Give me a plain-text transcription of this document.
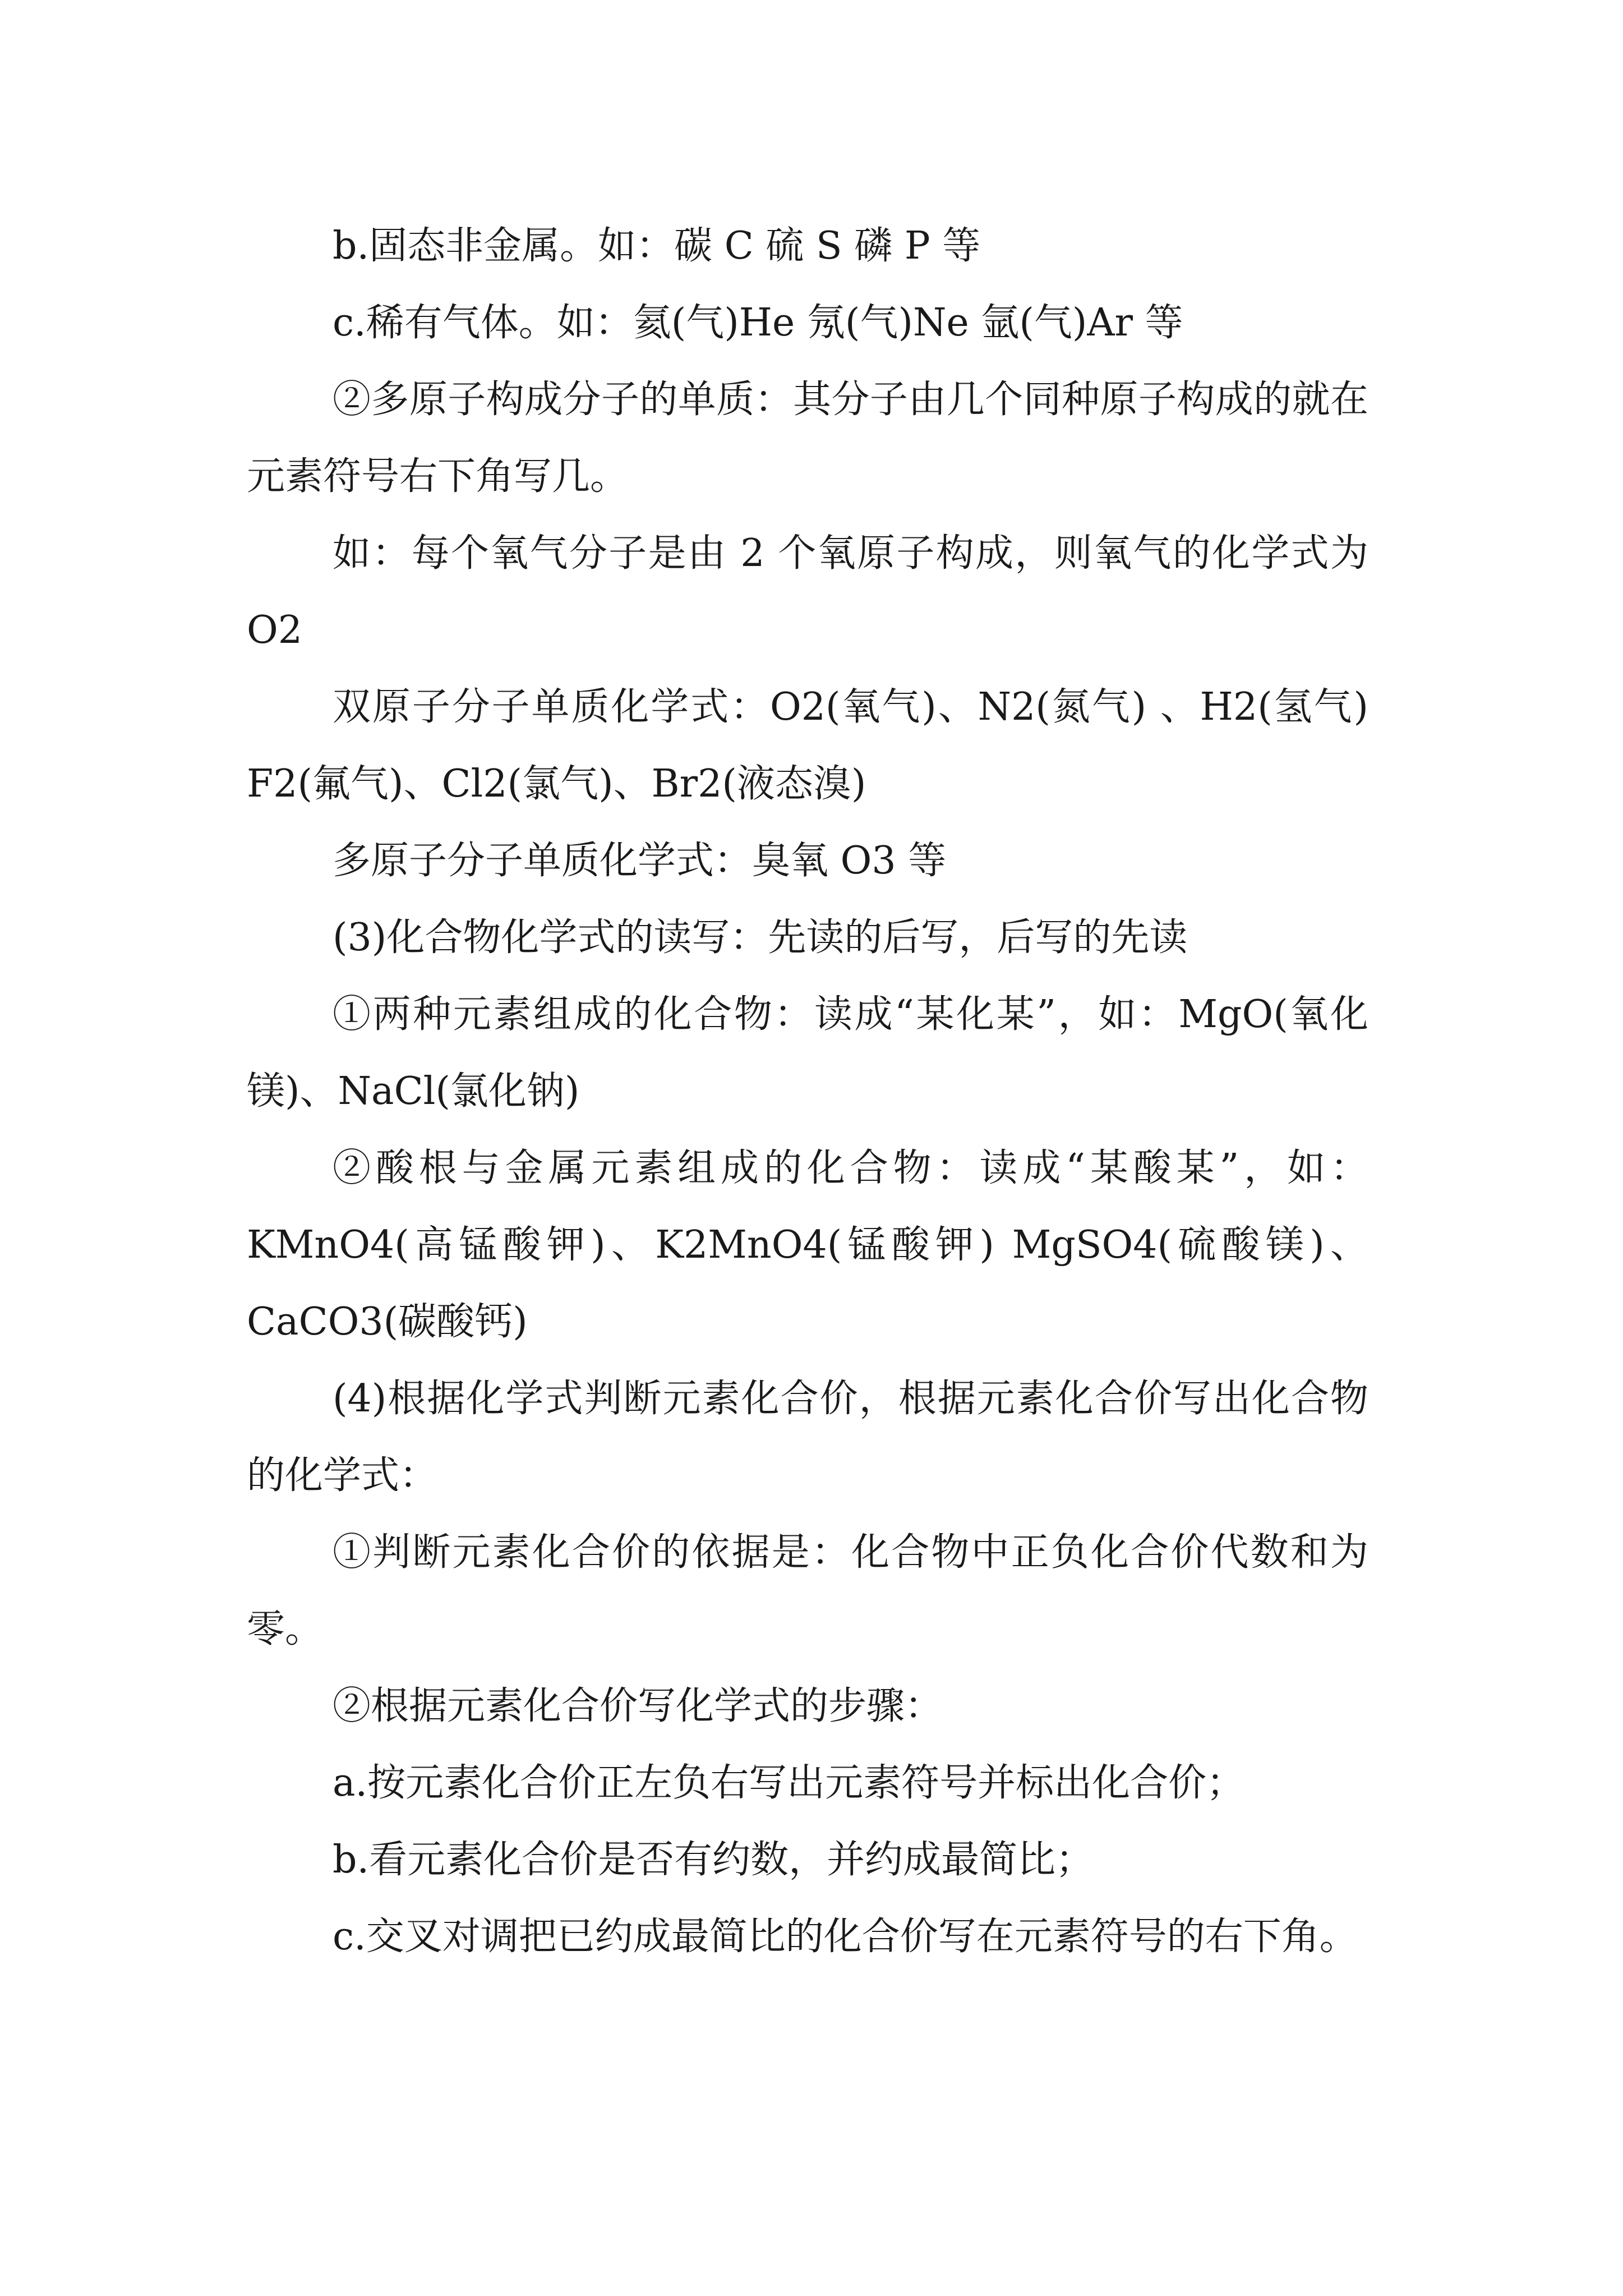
b.固态非金属。如：碳 C 硫 S 磷 P 等

c.稀有气体。如：氦(气)He 氖(气)Ne 氩(气)Ar 等

②多原子构成分子的单质：其分子由几个同种原子构成的就在元素符号右下角写几。

如：每个氧气分子是由 2 个氧原子构成，则氧气的化学式为 O2

双原子分子单质化学式：O2(氧气)、N2(氮气) 、H2(氢气) F2(氟气)、Cl2(氯气)、Br2(液态溴)

多原子分子单质化学式：臭氧 O3 等

(3)化合物化学式的读写：先读的后写，后写的先读

①两种元素组成的化合物：读成“某化某”，如：MgO(氧化镁)、NaCl(氯化钠)

②酸根与金属元素组成的化合物：读成“某酸某”，如：KMnO4(高锰酸钾)、K2MnO4(锰酸钾) MgSO4(硫酸镁)、CaCO3(碳酸钙)

(4)根据化学式判断元素化合价，根据元素化合价写出化合物的化学式：

①判断元素化合价的依据是：化合物中正负化合价代数和为零。

②根据元素化合价写化学式的步骤：

a.按元素化合价正左负右写出元素符号并标出化合价；

b.看元素化合价是否有约数，并约成最简比；

c.交叉对调把已约成最简比的化合价写在元素符号的右下角。
